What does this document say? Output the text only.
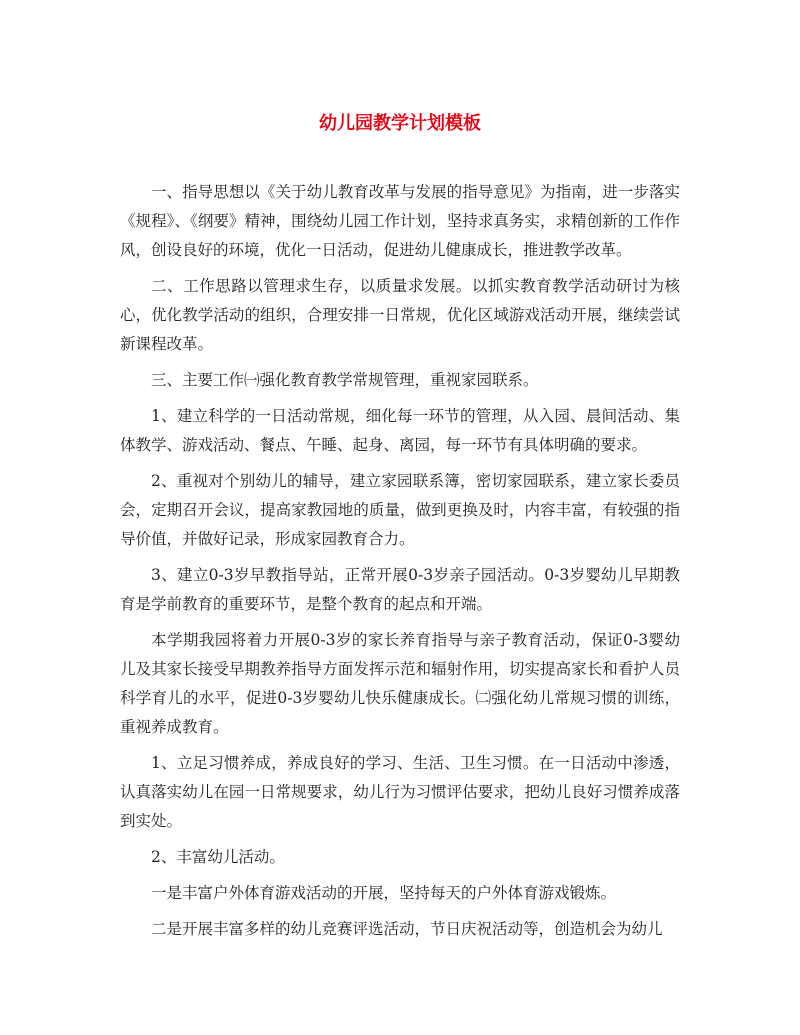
幼儿园教学计划模板

一、指导思想以《关于幼儿教育改革与发展的指导意见》为指南，进一步落实《规程》、《纲要》精神，围绕幼儿园工作计划，坚持求真务实，求精创新的工作作风，创设良好的环境，优化一日活动，促进幼儿健康成长，推进教学改革。

二、工作思路以管理求生存，以质量求发展。以抓实教育教学活动研讨为核心，优化教学活动的组织，合理安排一日常规，优化区域游戏活动开展，继续尝试新课程改革。

三、主要工作㈠强化教育教学常规管理，重视家园联系。

1、建立科学的一日活动常规，细化每一环节的管理，从入园、晨间活动、集体教学、游戏活动、餐点、午睡、起身、离园，每一环节有具体明确的要求。

2、重视对个别幼儿的辅导，建立家园联系簿，密切家园联系，建立家长委员会，定期召开会议，提高家教园地的质量，做到更换及时，内容丰富，有较强的指导价值，并做好记录，形成家园教育合力。

3、建立0-3岁早教指导站，正常开展0-3岁亲子园活动。0-3岁婴幼儿早期教育是学前教育的重要环节，是整个教育的起点和开端。

本学期我园将着力开展0-3岁的家长养育指导与亲子教育活动，保证0-3婴幼儿及其家长接受早期教养指导方面发挥示范和辐射作用，切实提高家长和看护人员科学育儿的水平，促进0-3岁婴幼儿快乐健康成长。㈡强化幼儿常规习惯的训练，重视养成教育。

1、立足习惯养成，养成良好的学习、生活、卫生习惯。在一日活动中渗透，认真落实幼儿在园一日常规要求，幼儿行为习惯评估要求，把幼儿良好习惯养成落到实处。

2、丰富幼儿活动。

一是丰富户外体育游戏活动的开展，坚持每天的户外体育游戏锻炼。

二是开展丰富多样的幼儿竞赛评选活动，节日庆祝活动等，创造机会为幼儿
